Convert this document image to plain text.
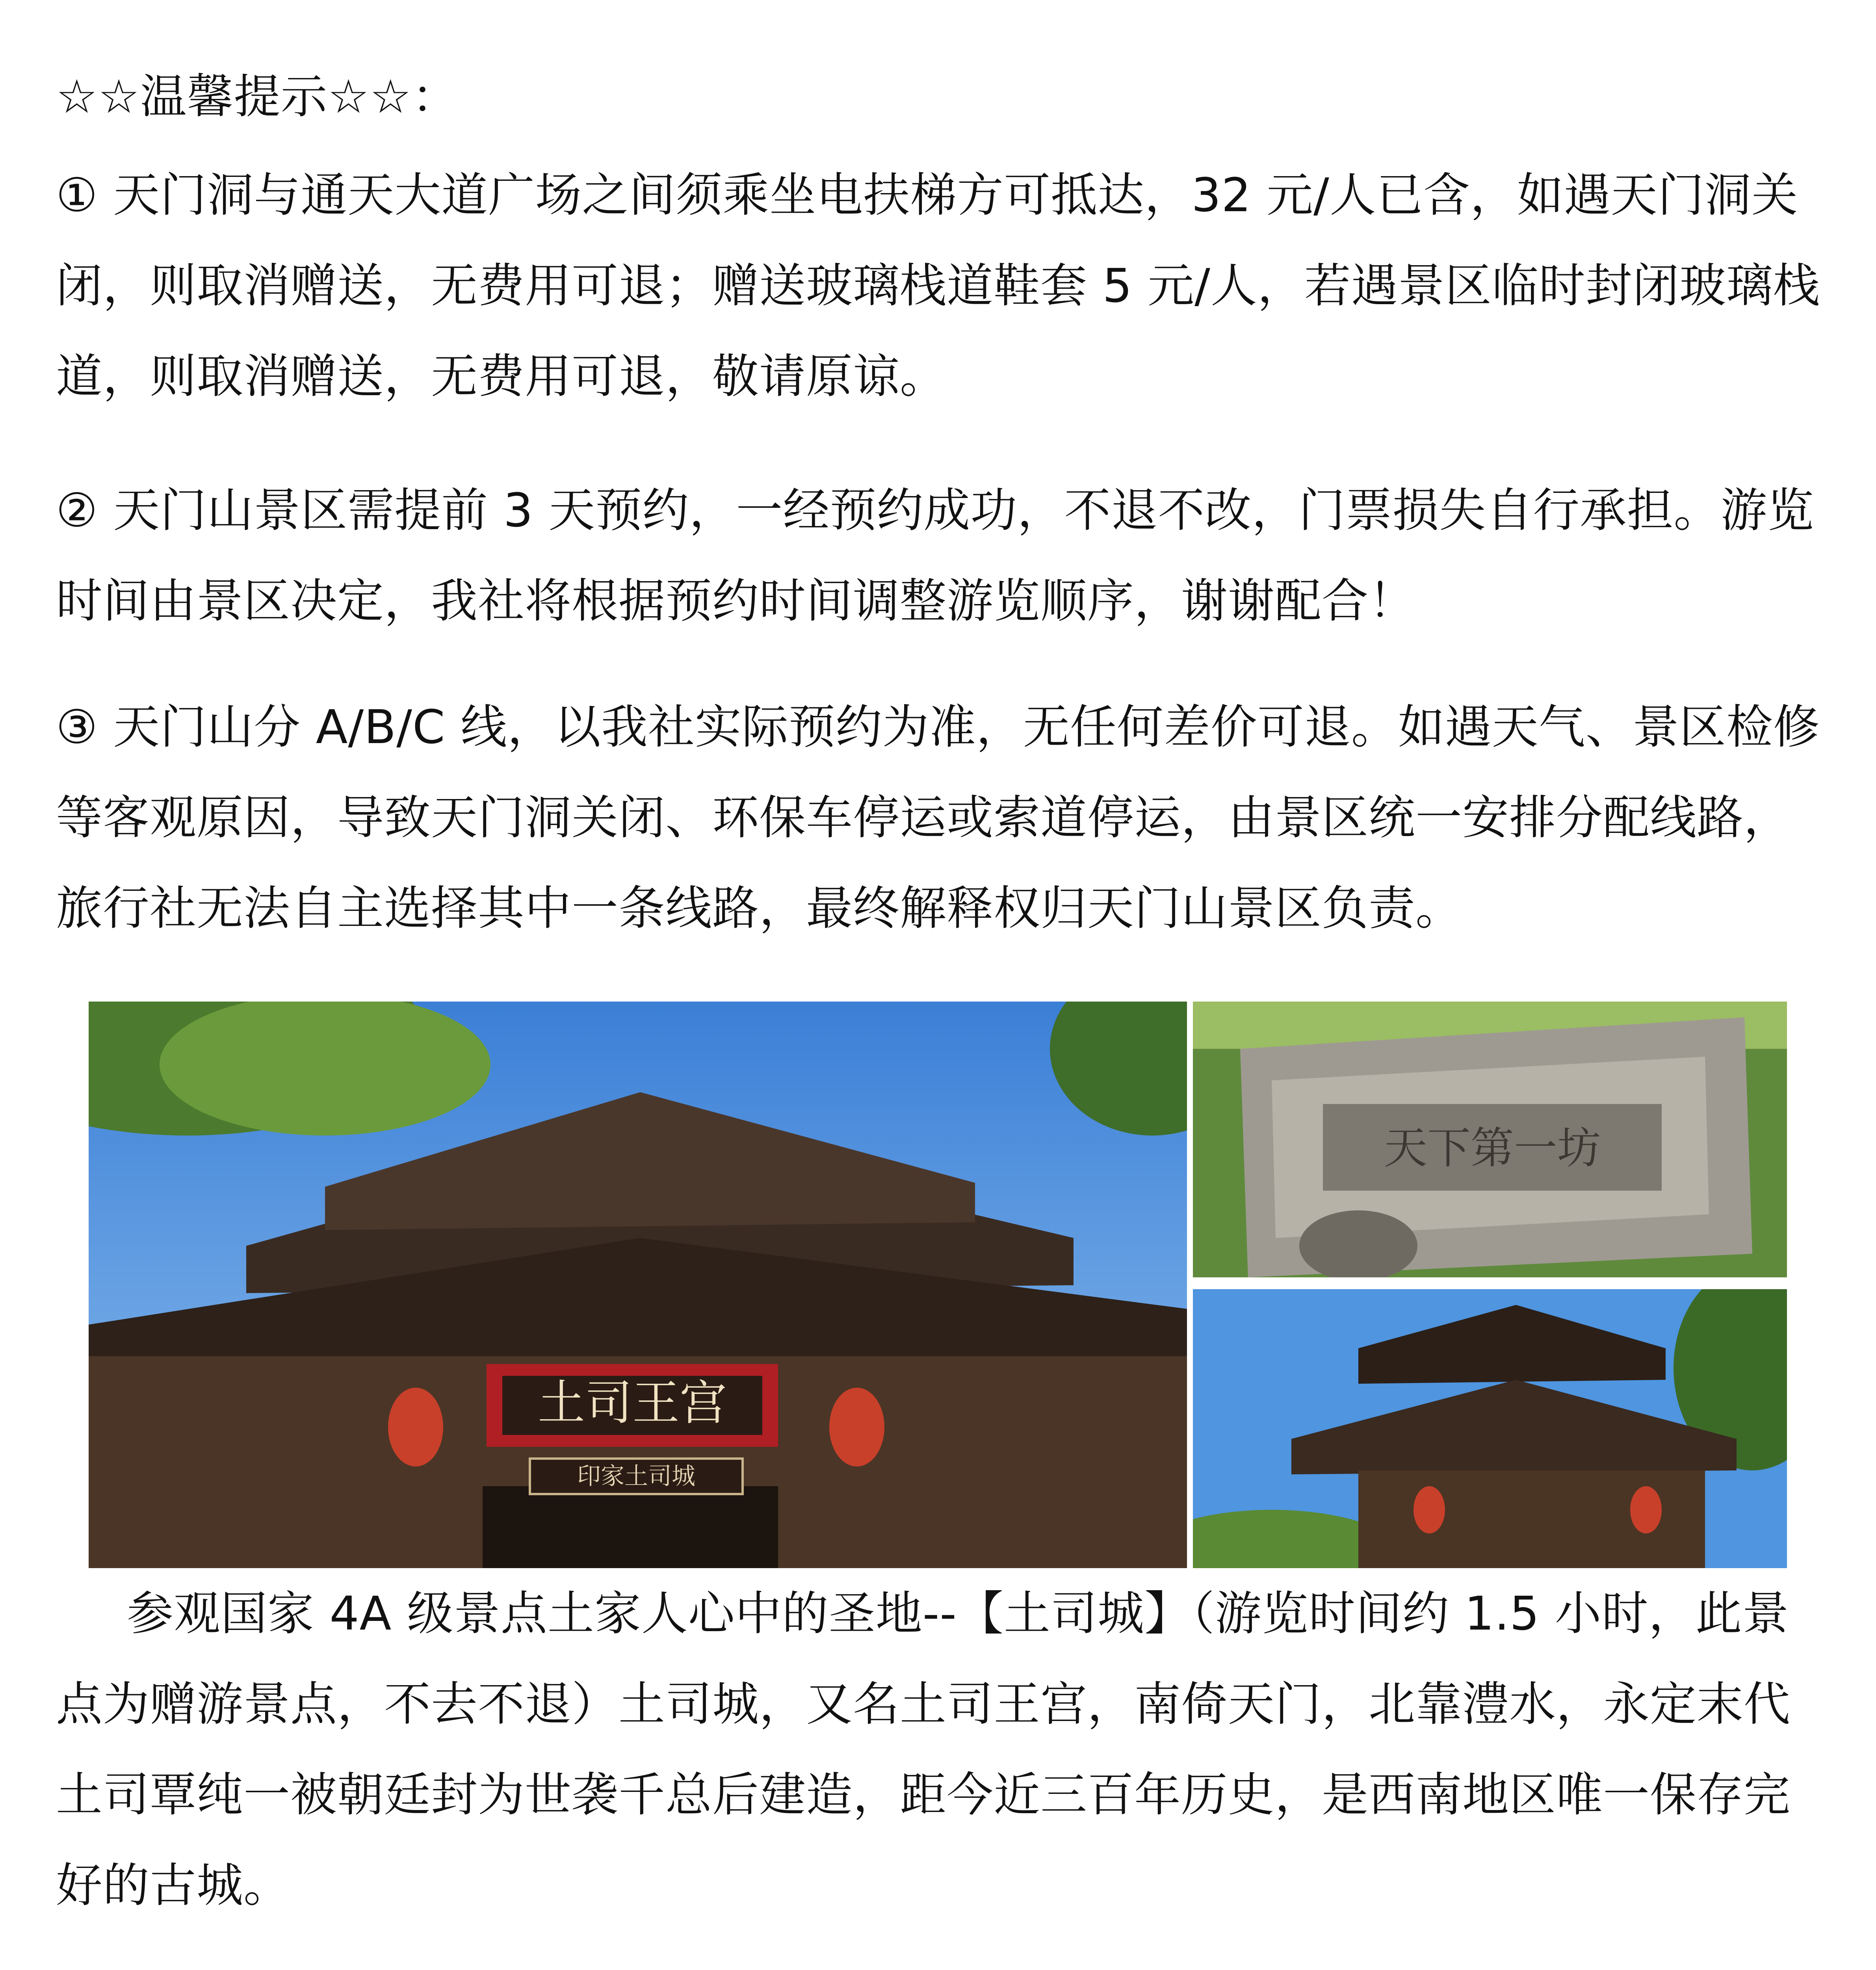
☆☆温馨提示☆☆：

① 天门洞与通天大道广场之间须乘坐电扶梯方可抵达，32 元/人已含，如遇天门洞关闭，则取消赠送，无费用可退；赠送玻璃栈道鞋套 5 元/人，若遇景区临时封闭玻璃栈道，则取消赠送，无费用可退，敬请原谅。

② 天门山景区需提前 3 天预约，一经预约成功，不退不改，门票损失自行承担。游览时间由景区决定，我社将根据预约时间调整游览顺序，谢谢配合！

③ 天门山分 A/B/C 线，以我社实际预约为准，无任何差价可退。如遇天气、景区检修等客观原因，导致天门洞关闭、环保车停运或索道停运，由景区统一安排分配线路，旅行社无法自主选择其中一条线路，最终解释权归天门山景区负责。

土司王宫
印家土司城
天下第一坊

参观国家 4A 级景点土家人心中的圣地--【土司城】（游览时间约 1.5 小时，此景点为赠游景点，不去不退）土司城，又名土司王宫，南倚天门，北靠澧水，永定末代土司覃纯一被朝廷封为世袭千总后建造，距今近三百年历史，是西南地区唯一保存完好的古城。
